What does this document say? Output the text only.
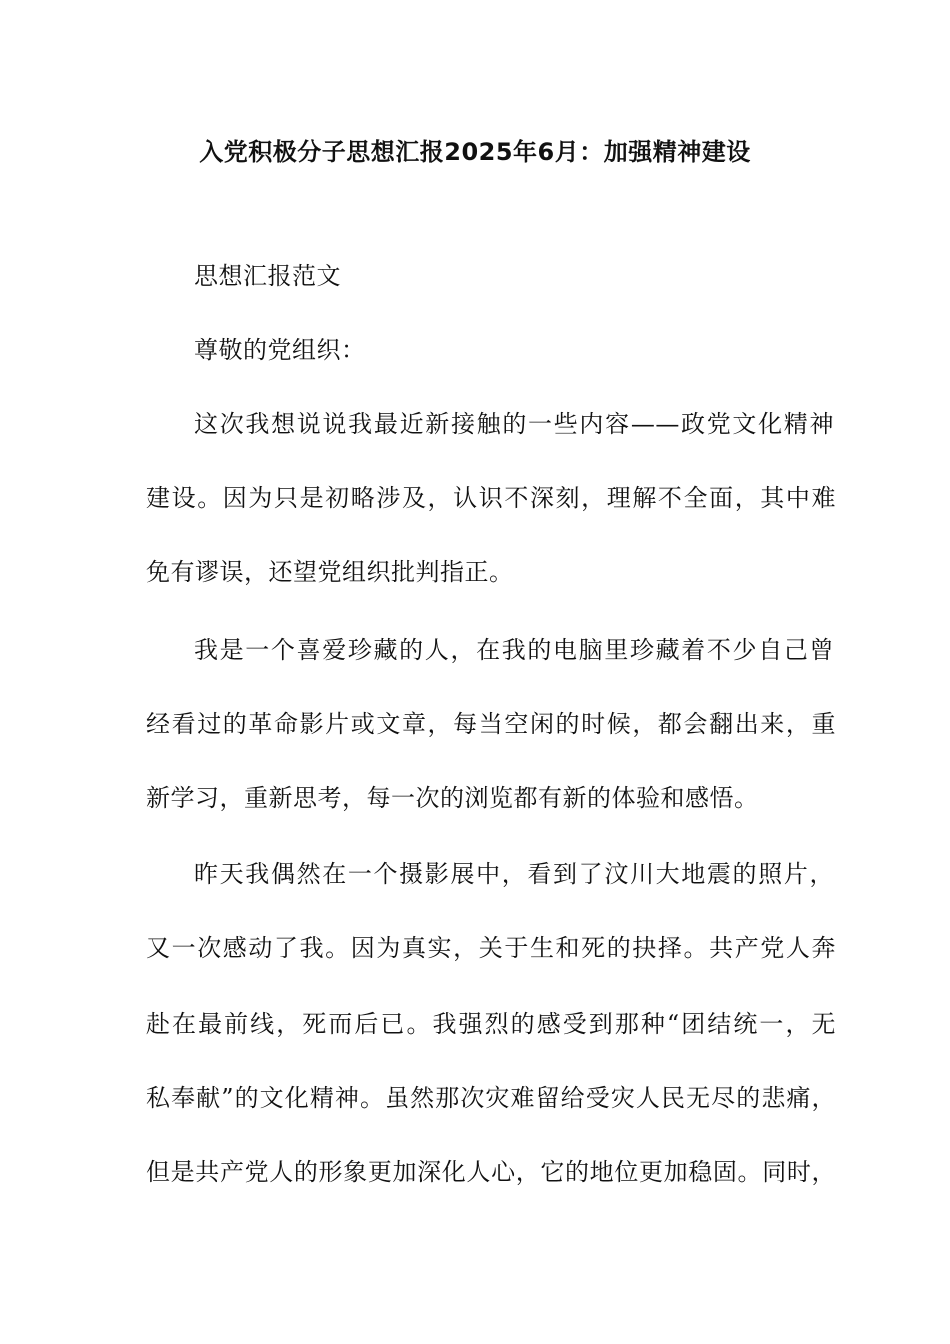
入党积极分子思想汇报2025年6月：加强精神建设

思想汇报范文

尊敬的党组织：

这次我想说说我最近新接触的一些内容——政党文化精神

建设。因为只是初略涉及，认识不深刻，理解不全面，其中难

免有谬误，还望党组织批判指正。

我是一个喜爱珍藏的人，在我的电脑里珍藏着不少自己曾

经看过的革命影片或文章，每当空闲的时候，都会翻出来，重

新学习，重新思考，每一次的浏览都有新的体验和感悟。

昨天我偶然在一个摄影展中，看到了汶川大地震的照片，

又一次感动了我。因为真实，关于生和死的抉择。共产党人奔

赴在最前线，死而后已。我强烈的感受到那种“团结统一，无

私奉献”的文化精神。虽然那次灾难留给受灾人民无尽的悲痛，

但是共产党人的形象更加深化人心，它的地位更加稳固。同时，
